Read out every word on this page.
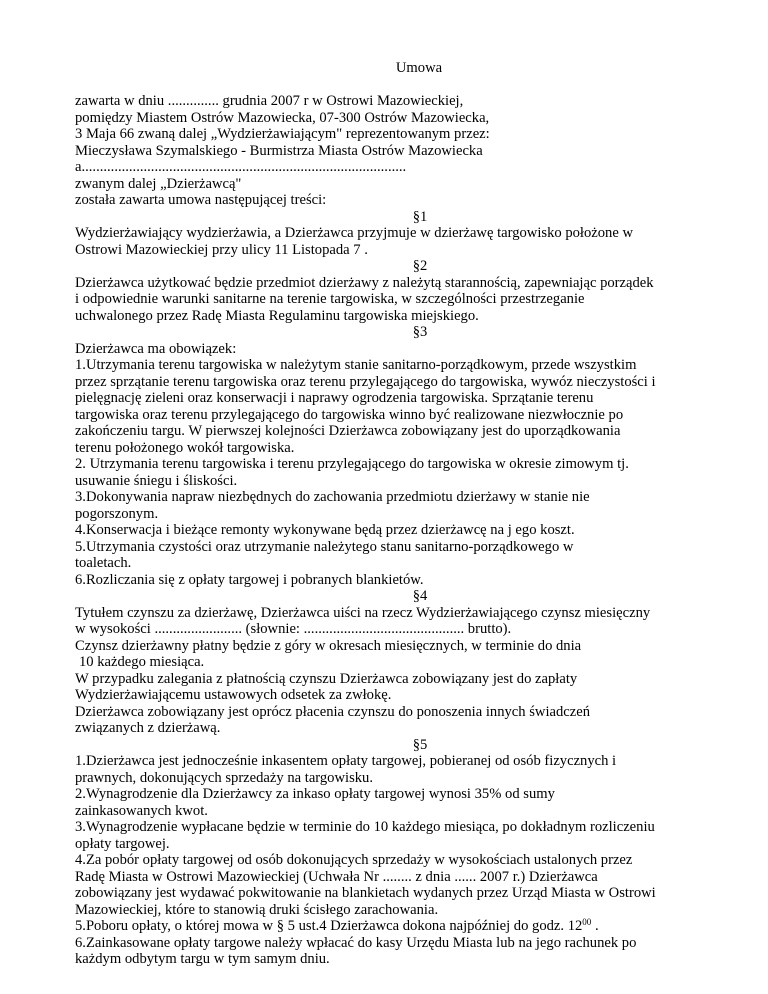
Umowa
zawarta w dniu .............. grudnia 2007 r w Ostrowi Mazowieckiej,
pomiędzy Miastem Ostrów Mazowiecka, 07-300 Ostrów Mazowiecka,
3 Maja 66 zwaną dalej „Wydzierżawiającym" reprezentowanym przez:
Mieczysława Szymalskiego - Burmistrza Miasta Ostrów Mazowiecka
a.........................................................................................
zwanym dalej „Dzierżawcą"
została zawarta umowa następującej treści:
§1
Wydzierżawiający wydzierżawia, a Dzierżawca przyjmuje w dzierżawę targowisko położone w
Ostrowi Mazowieckiej przy ulicy 11 Listopada 7 .
§2
Dzierżawca użytkować będzie przedmiot dzierżawy z należytą starannością, zapewniając porządek
i odpowiednie warunki sanitarne na terenie targowiska, w szczególności przestrzeganie
uchwalonego przez Radę Miasta Regulaminu targowiska miejskiego.
§3
Dzierżawca ma obowiązek:
1.Utrzymania terenu targowiska w należytym stanie sanitarno-porządkowym, przede wszystkim
przez sprzątanie terenu targowiska oraz terenu przylegającego do targowiska, wywóz nieczystości i
pielęgnację zieleni oraz konserwacji i naprawy ogrodzenia targowiska. Sprzątanie terenu
targowiska oraz terenu przylegającego do targowiska winno być realizowane niezwłocznie po
zakończeniu targu. W pierwszej kolejności Dzierżawca zobowiązany jest do uporządkowania
terenu położonego wokół targowiska.
2. Utrzymania terenu targowiska i terenu przylegającego do targowiska w okresie zimowym tj.
usuwanie śniegu i śliskości.
3.Dokonywania napraw niezbędnych do zachowania przedmiotu dzierżawy w stanie nie
pogorszonym.
4.Konserwacja i bieżące remonty wykonywane będą przez dzierżawcę na j ego koszt.
5.Utrzymania czystości oraz utrzymanie należytego stanu sanitarno-porządkowego w
toaletach.
6.Rozliczania się z opłaty targowej i pobranych blankietów.
§4
Tytułem czynszu za dzierżawę, Dzierżawca uiści na rzecz Wydzierżawiającego czynsz miesięczny
w wysokości ........................ (słownie: ............................................ brutto).
Czynsz dzierżawny płatny będzie z góry w okresach miesięcznych, w terminie do dnia
10 każdego miesiąca.
W przypadku zalegania z płatnością czynszu Dzierżawca zobowiązany jest do zapłaty
Wydzierżawiającemu ustawowych odsetek za zwłokę.
Dzierżawca zobowiązany jest oprócz płacenia czynszu do ponoszenia innych świadczeń
związanych z dzierżawą.
§5
1.Dzierżawca jest jednocześnie inkasentem opłaty targowej, pobieranej od osób fizycznych i
prawnych, dokonujących sprzedaży na targowisku.
2.Wynagrodzenie dla Dzierżawcy za inkaso opłaty targowej wynosi 35% od sumy
zainkasowanych kwot.
3.Wynagrodzenie wypłacane będzie w terminie do 10 każdego miesiąca, po dokładnym rozliczeniu
opłaty targowej.
4.Za pobór opłaty targowej od osób dokonujących sprzedaży w wysokościach ustalonych przez
Radę Miasta w Ostrowi Mazowieckiej (Uchwała Nr ........ z dnia ...... 2007 r.) Dzierżawca
zobowiązany jest wydawać pokwitowanie na blankietach wydanych przez Urząd Miasta w Ostrowi
Mazowieckiej, które to stanowią druki ścisłego zarachowania.
5.Poboru opłaty, o której mowa w § 5 ust.4 Dzierżawca dokona najpóźniej do godz. $12^{00}$ .
6.Zainkasowane opłaty targowe należy wpłacać do kasy Urzędu Miasta lub na jego rachunek po
każdym odbytym targu w tym samym dniu.
